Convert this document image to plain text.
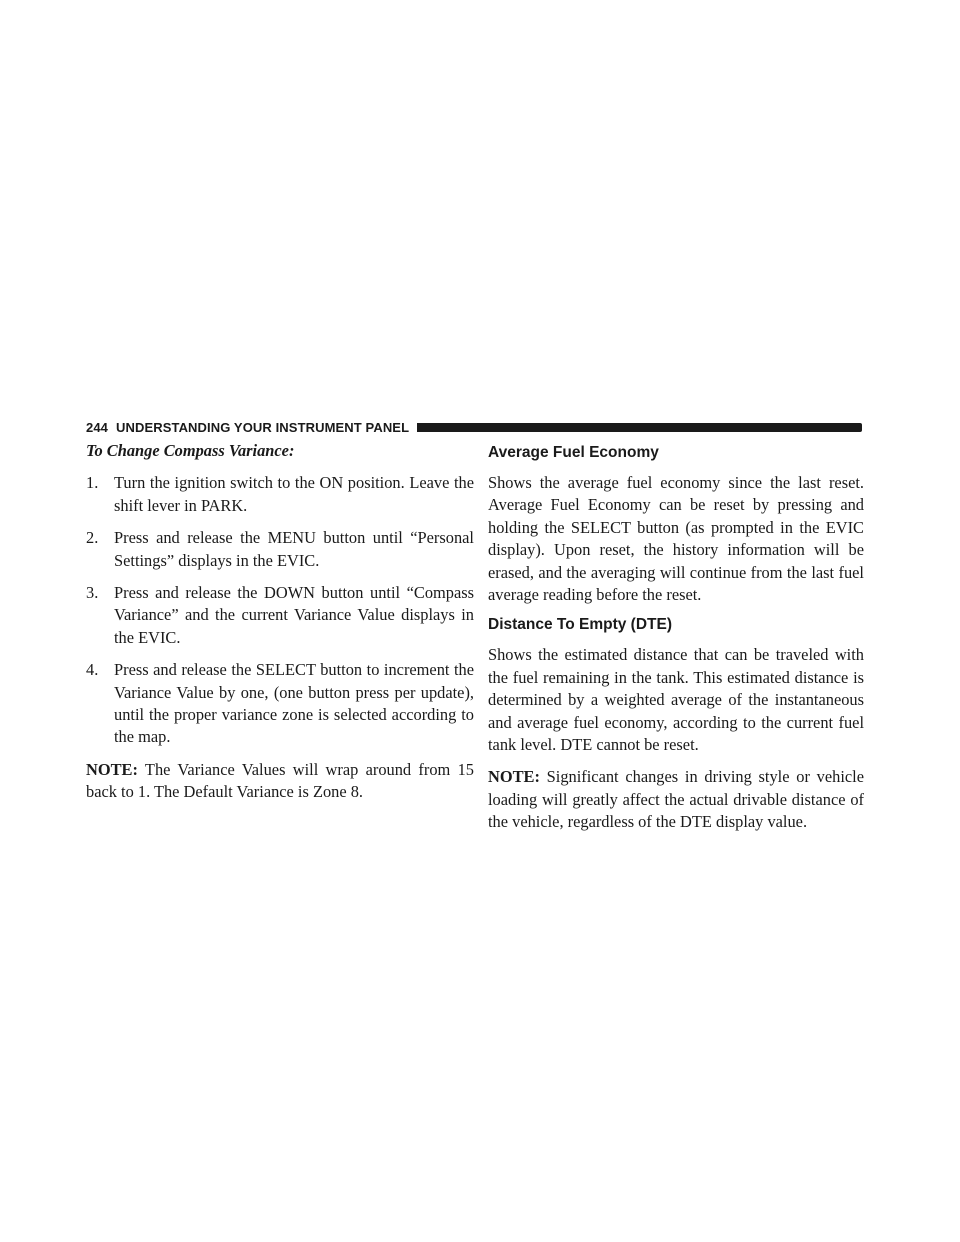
244 UNDERSTANDING YOUR INSTRUMENT PANEL

To Change Compass Variance:

1. Turn the ignition switch to the ON position. Leave the shift lever in PARK.
2. Press and release the MENU button until “Personal Settings” displays in the EVIC.
3. Press and release the DOWN button until “Compass Variance” and the current Variance Value displays in the EVIC.
4. Press and release the SELECT button to increment the Variance Value by one, (one button press per update), until the proper variance zone is selected according to the map.

NOTE: The Variance Values will wrap around from 15 back to 1. The Default Variance is Zone 8.

Average Fuel Economy

Shows the average fuel economy since the last reset. Average Fuel Economy can be reset by pressing and holding the SELECT button (as prompted in the EVIC display). Upon reset, the history information will be erased, and the averaging will continue from the last fuel average reading before the reset.

Distance To Empty (DTE)

Shows the estimated distance that can be traveled with the fuel remaining in the tank. This estimated distance is determined by a weighted average of the instantaneous and average fuel economy, according to the current fuel tank level. DTE cannot be reset.

NOTE: Significant changes in driving style or vehicle loading will greatly affect the actual drivable distance of the vehicle, regardless of the DTE display value.
